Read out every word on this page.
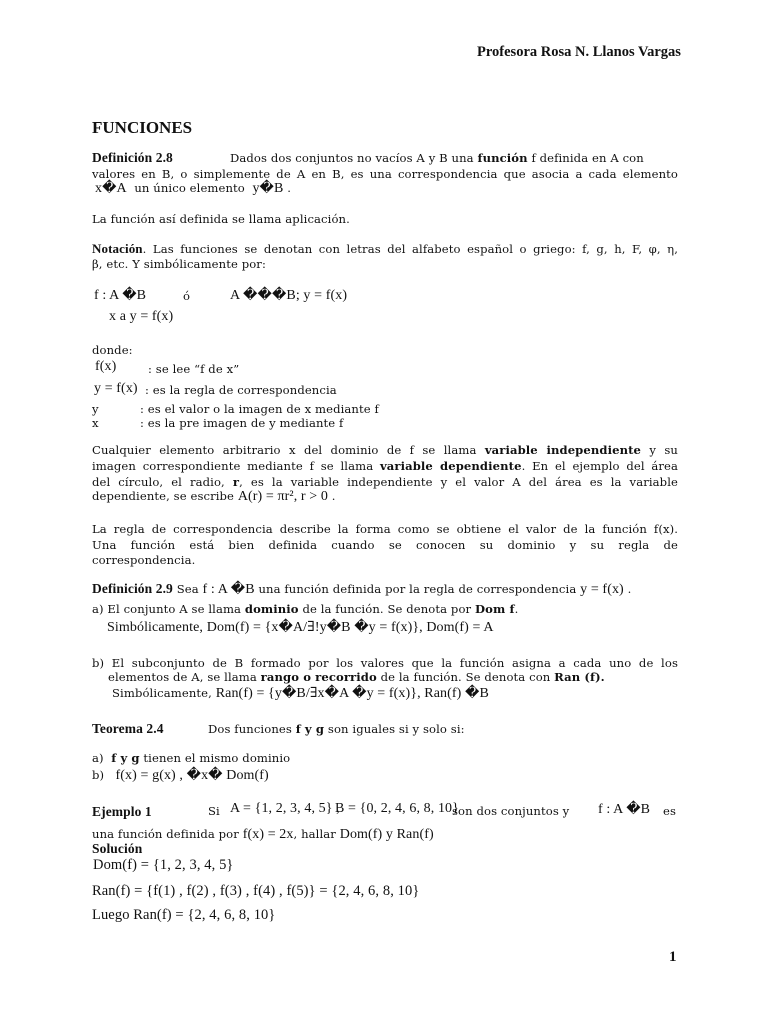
Profesora Rosa N. Llanos Vargas
FUNCIONES
Definición 2.8	Dados dos conjuntos no vacíos A y B una función f definida en A con
valores en B, o simplemente de A en B, es una correspondencia que asocia a cada elemento
x�A un único elemento y�B .
La función así definida se llama aplicación.
Notación. Las funciones se denotan con letras del alfabeto español o griego: f, g, h, F, φ, η,
β, etc. Y simbólicamente por:
f : A �B	ó	A ���B; y = f(x)
x a y = f(x)
donde:
f(x)	: se lee “f de x”
y = f(x) : es la regla de correspondencia
y	: es el valor o la imagen de x mediante f
x	: es la pre imagen de y mediante f
Cualquier elemento arbitrario x del dominio de f se llama variable independiente y su
imagen correspondiente mediante f se llama variable dependiente. En el ejemplo del área
del círculo, el radio, r, es la variable independiente y el valor A del área es la variable
dependiente, se escribe A(r) = πr², r > 0 .
La regla de correspondencia describe la forma como se obtiene el valor de la función f(x).
Una función está bien definida cuando se conocen su dominio y su regla de
correspondencia.
Definición 2.9 Sea f : A �B una función definida por la regla de correspondencia y = f(x) .
a) El conjunto A se llama dominio de la función. Se denota por Dom f.
Simbólicamente, Dom(f) = {x�A/∃!y�B �y = f(x)}, Dom(f) = A
b) El subconjunto de B formado por los valores que la función asigna a cada uno de los
elementos de A, se llama rango o recorrido de la función. Se denota con Ran (f).
Simbólicamente, Ran(f) = {y�B/∃x�A �y = f(x)}, Ran(f) �B
Teorema 2.4	Dos funciones f y g son iguales si y solo si:
a) f y g tienen el mismo dominio
b) f(x) = g(x) , �x� Dom(f)
Ejemplo 1	Si A = {1, 2, 3, 4, 5} ,
B = {0, 2, 4, 6, 8, 10}
son dos conjuntos y f : A �B es
una función definida por f(x) = 2x, hallar Dom(f) y Ran(f)
Solución
Dom(f) = {1, 2, 3, 4, 5}
Ran(f) = {f(1) , f(2) , f(3) , f(4) , f(5)} = {2, 4, 6, 8, 10}
Luego Ran(f) = {2, 4, 6, 8, 10}
1
